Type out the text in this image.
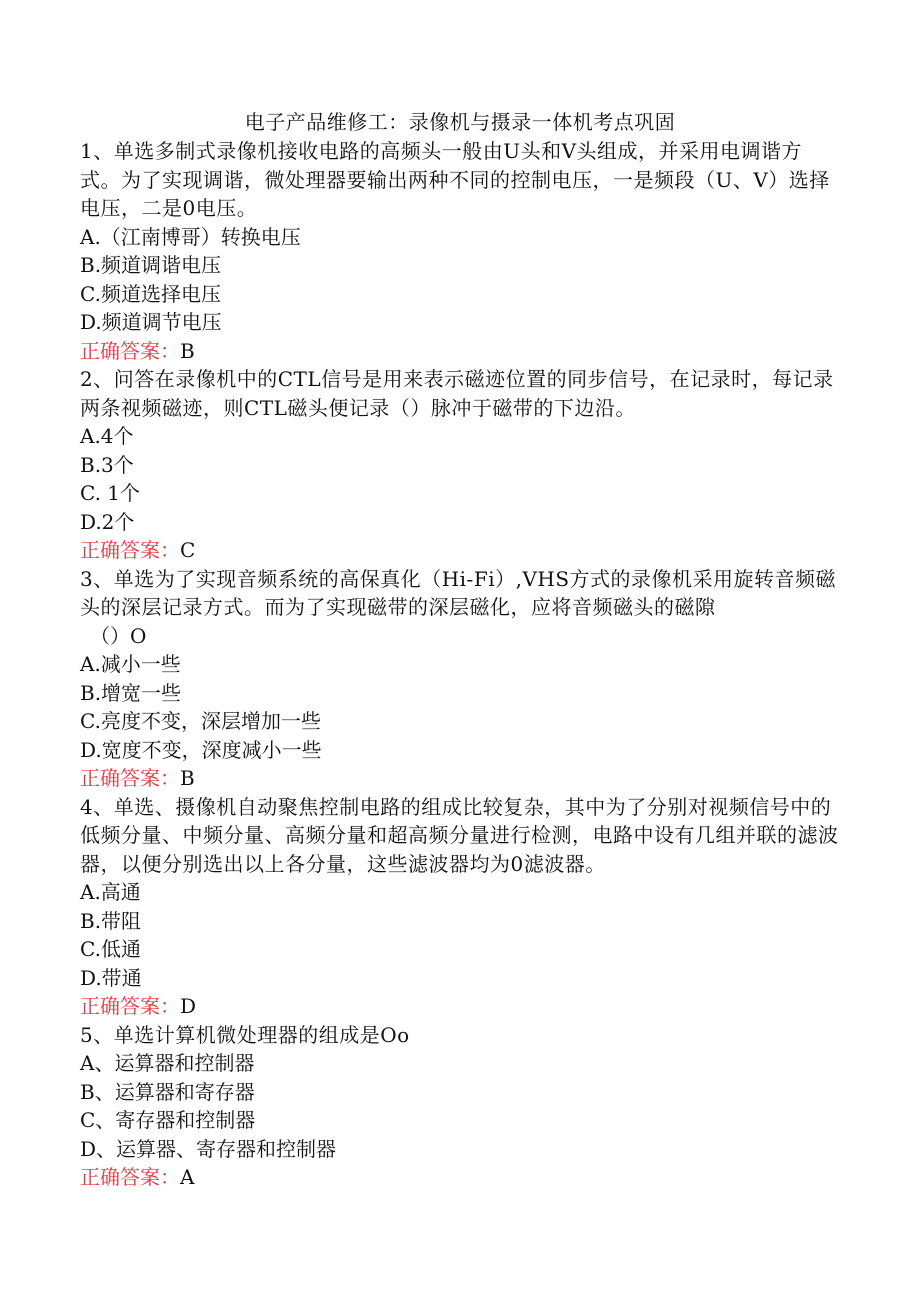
电子产品维修工：录像机与摄录一体机考点巩固

1、单选多制式录像机接收电路的高频头一般由U头和V头组成，并采用电调谐方式。为了实现调谐，微处理器要输出两种不同的控制电压，一是频段（U、V）选择电压，二是0电压。

A.（江南博哥）转换电压

B.频道调谐电压

C.频道选择电压

D.频道调节电压

正确答案：B

2、问答在录像机中的CTL信号是用来表示磁迹位置的同步信号，在记录时，每记录两条视频磁迹，则CTL磁头便记录（）脉冲于磁带的下边沿。

A.4个

B.3个

C. 1个

D.2个

正确答案：C

3、单选为了实现音频系统的高保真化（Hi-Fi）,VHS方式的录像机采用旋转音频磁头的深层记录方式。而为了实现磁带的深层磁化，应将音频磁头的磁隙

（）O

A.减小一些

B.增宽一些

C.亮度不变，深层增加一些

D.宽度不变，深度减小一些

正确答案：B

4、单选、摄像机自动聚焦控制电路的组成比较复杂，其中为了分别对视频信号中的低频分量、中频分量、高频分量和超高频分量进行检测，电路中设有几组并联的滤波器，以便分别选出以上各分量，这些滤波器均为0滤波器。

A.高通

B.带阻

C.低通

D.带通

正确答案：D

5、单选计算机微处理器的组成是Oo

A、运算器和控制器

B、运算器和寄存器

C、寄存器和控制器

D、运算器、寄存器和控制器

正确答案：A
